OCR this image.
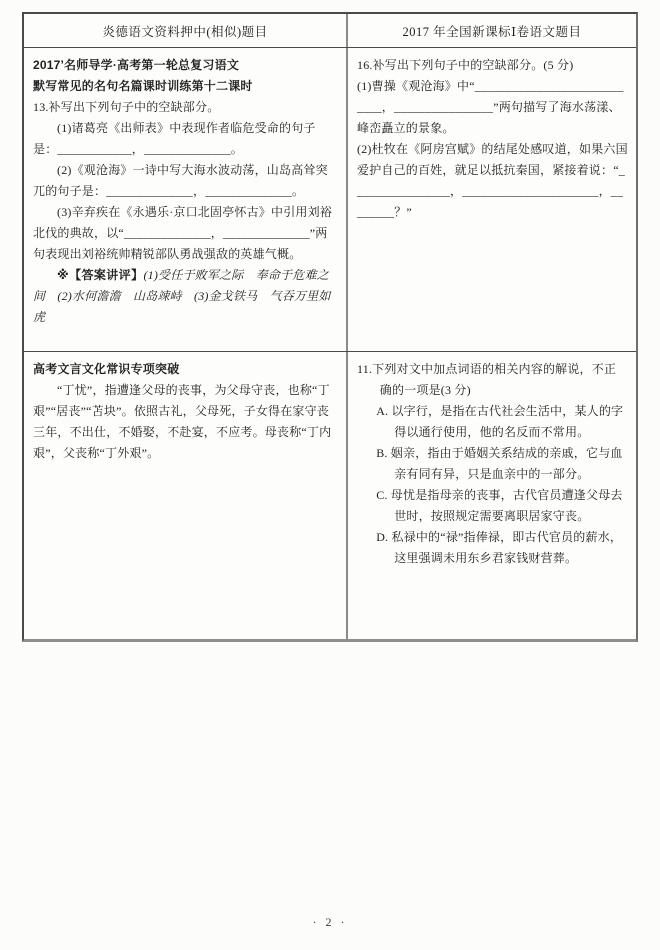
炎德语文资料押中(相似)题目	2017 年全国新课标Ⅰ卷语文题目

2017’名师导学·高考第一轮总复习语文

默写常见的名句名篇课时训练第十二课时

13.补写出下列句子中的空缺部分。

(1)诸葛亮《出师表》中表现作者临危受命的句子是：____________，______________。

(2)《观沧海》一诗中写大海水波动荡，山岛高耸突兀的句子是：______________，______________。

(3)辛弃疾在《永遇乐·京口北固亭怀古》中引用刘裕北伐的典故，以“______________，______________”两句表现出刘裕统帅精锐部队勇战强敌的英雄气概。

※【答案讲评】(1)受任于败军之际　奉命于危难之间　(2)水何澹澹　山岛竦峙　(3)金戈铁马　气吞万里如虎

16.补写出下列句子中的空缺部分。(5 分)

(1)曹操《观沧海》中“____________________________，________________”两句描写了海水荡漾、峰峦矗立的景象。

(2)杜牧在《阿房宫赋》的结尾处感叹道，如果六国爱护自己的百姓，就足以抵抗秦国，紧接着说：“________________，______________________，________？”

高考文言文化常识专项突破

“丁忧”，指遭逢父母的丧事，为父母守丧，也称“丁艰”“居丧”“苫块”。依照古礼，父母死，子女得在家守丧三年，不出仕，不婚娶，不赴宴，不应考。母丧称“丁内艰”，父丧称“丁外艰”。

11.下列对文中加点词语的相关内容的解说，不正确的一项是(3 分)

A. 以字行，是指在古代社会生活中，某人的字得以通行使用，他的名反而不常用。

B. 姻亲，指由于婚姻关系结成的亲戚，它与血亲有同有异，只是血亲中的一部分。

C. 母忧是指母亲的丧事，古代官员遭逢父母去世时，按照规定需要离职居家守丧。

D. 私禄中的“禄”指俸禄，即古代官员的薪水，这里强调未用东乡君家钱财营葬。

· 2 ·
